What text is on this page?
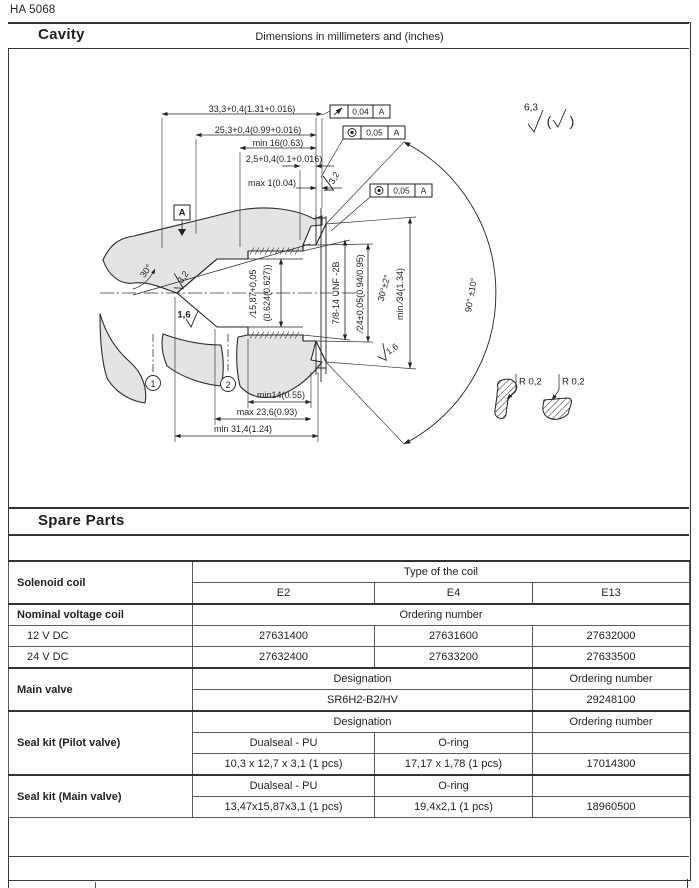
HA 5068
Cavity	Dimensions in millimeters and (inches)
33,3+0,4(1.31+0.016)
25,3+0,4(0.99+0.016)
min 16(0.63)
2,5+0,4(0.1+0.016)
max 1(0.04)
6,3
( )
A
30°
3,2
3,2
1,6	∕15,87+0,05 (0.624(0.627))	7/8-14 UNF -2B ∕24±0,05(0.94/0.95) 30°±2° min ∕34(1.34)	90° ±10°
1,6
min14(0.55)
max 23,6(0.93)
min 31,4(1.24)
R 0,2 R 0,2
1	2
0,04 A
0,05 A
0,05 A
Spare Parts
Solenoid coil	Type of the coil		
	E2	E4	E13
Nominal voltage coil	Ordering number		
12 V DC	27631400	27631600	27632000
24 V DC	27632400	27633200	27633500
Main valve	Designation		Ordering number
	SR6H2-B2/HV		29248100
Seal kit (Pilot valve)	Designation		Ordering number
	Dualseal - PU	O-ring	
	10,3 x 12,7 x 3,1 (1 pcs)	17,17 x 1,78 (1 pcs)	17014300
Seal kit (Main valve)	Dualseal - PU	O-ring	
	13,47x15,87x3,1 (1 pcs)	19,4x2,1 (1 pcs)	18960500
